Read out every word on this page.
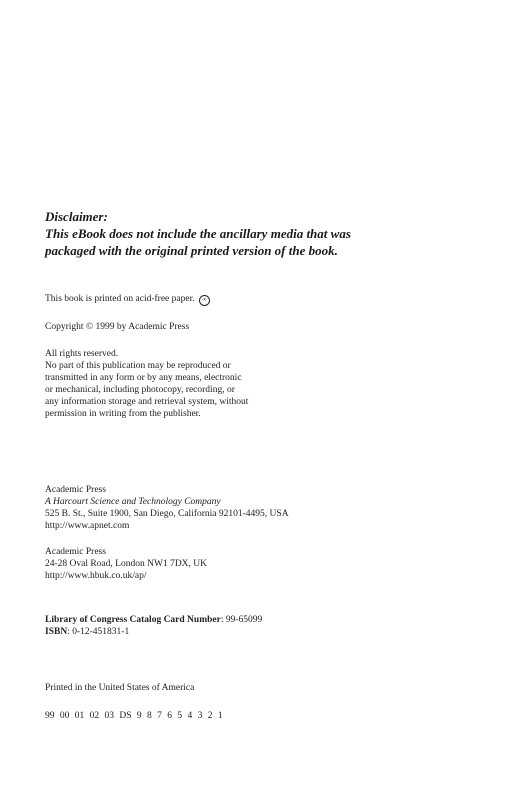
Disclaimer:
This eBook does not include the ancillary media that was
packaged with the original printed version of the book.
This book is printed on acid-free paper. ∞
Copyright © 1999 by Academic Press
All rights reserved.
No part of this publication may be reproduced or
transmitted in any form or by any means, electronic
or mechanical, including photocopy, recording, or
any information storage and retrieval system, without
permission in writing from the publisher.
Academic Press
A Harcourt Science and Technology Company
525 B. St., Suite 1900, San Diego, California 92101-4495, USA
http://www.apnet.com
Academic Press
24-28 Oval Road, London NW1 7DX, UK
http://www.hbuk.co.uk/ap/
Library of Congress Catalog Card Number: 99-65099
ISBN: 0-12-451831-1
Printed in the United States of America
99 00 01 02 03 DS 9 8 7 6 5 4 3 2 1
